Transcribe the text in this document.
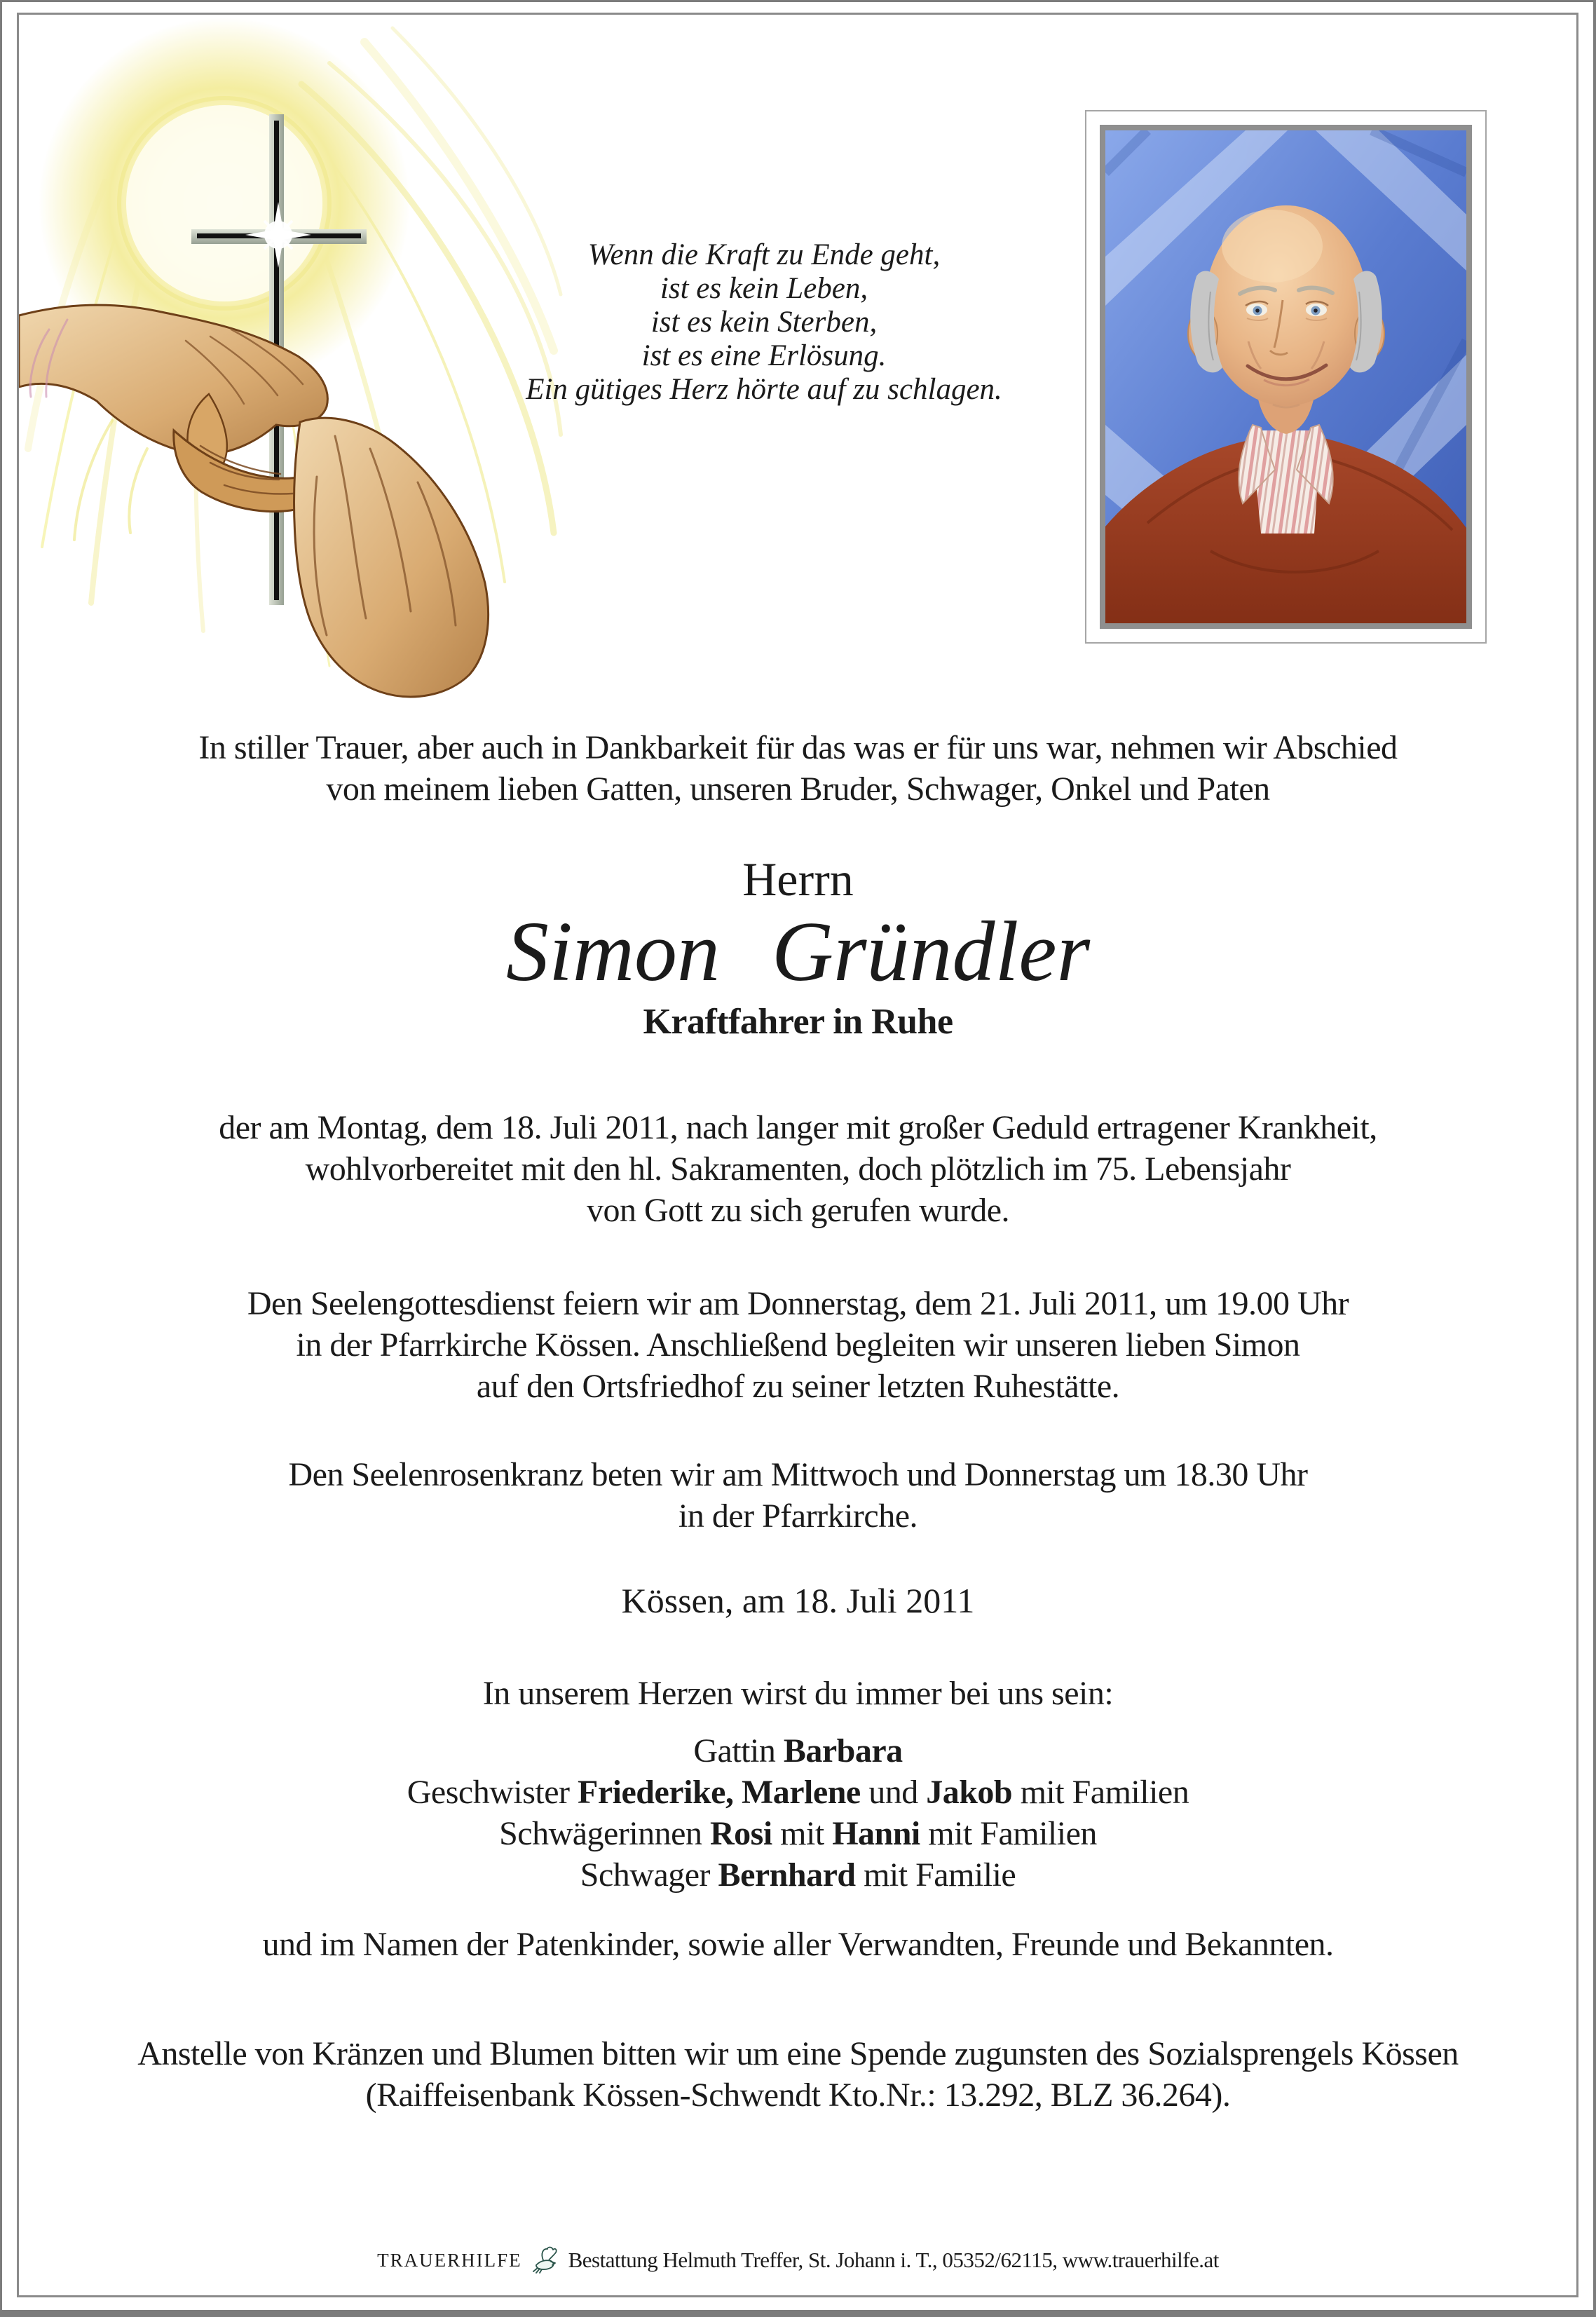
Wenn die Kraft zu Ende geht,
ist es kein Leben,
ist es kein Sterben,
ist es eine Erlösung.
Ein gütiges Herz hörte auf zu schlagen.
In stiller Trauer, aber auch in Dankbarkeit für das was er für uns war, nehmen wir Abschied
von meinem lieben Gatten, unseren Bruder, Schwager, Onkel und Paten
Herrn
Simon Gründler
Kraftfahrer in Ruhe
der am Montag, dem 18. Juli 2011, nach langer mit großer Geduld ertragener Krankheit,
wohlvorbereitet mit den hl. Sakramenten, doch plötzlich im 75. Lebensjahr
von Gott zu sich gerufen wurde.
Den Seelengottesdienst feiern wir am Donnerstag, dem 21. Juli 2011, um 19.00 Uhr
in der Pfarrkirche Kössen. Anschließend begleiten wir unseren lieben Simon
auf den Ortsfriedhof zu seiner letzten Ruhestätte.
Den Seelenrosenkranz beten wir am Mittwoch und Donnerstag um 18.30 Uhr
in der Pfarrkirche.
Kössen, am 18. Juli 2011
In unserem Herzen wirst du immer bei uns sein:
Gattin Barbara
Geschwister Friederike, Marlene und Jakob mit Familien
Schwägerinnen Rosi mit Hanni mit Familien
Schwager Bernhard mit Familie
und im Namen der Patenkinder, sowie aller Verwandten, Freunde und Bekannten.
Anstelle von Kränzen und Blumen bitten wir um eine Spende zugunsten des Sozialsprengels Kössen
(Raiffeisenbank Kössen-Schwendt Kto.Nr.: 13.292, BLZ 36.264).
TRAUERHILFE Bestattung Helmuth Treffer, St. Johann i. T., 05352/62115, www.trauerhilfe.at
